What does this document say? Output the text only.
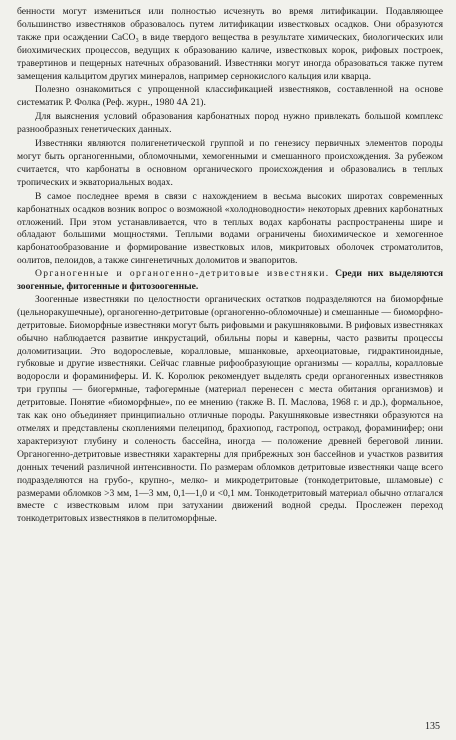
бенности могут измениться или полностью исчезнуть во время литификации. Подавляющее большинство известняков образовалось путем литификации известковых осадков. Они образуются также при осаждении CaCO₃ в виде твердого вещества в результате химических, биологических или биохимических процессов, ведущих к образованию каличе, известковых корок, рифовых построек, травертинов и пещерных натечных образований. Известняки могут иногда образоваться также путем замещения кальцитом других минералов, например сернокислого кальция или кварца.

Полезно ознакомиться с упрощенной классификацией известняков, составленной на основе систематик Р. Фолка (Реф. журн., 1980 4А 21).

Для выяснения условий образования карбонатных пород нужно привлекать большой комплекс разнообразных генетических данных.

Известняки являются полигенетической группой и по генезису первичных элементов породы могут быть органогенными, обломочными, хемогенными и смешанного происхождения. За рубежом считается, что карбонаты в основном органического происхождения и образовались в теплых тропических и экваториальных водах.

В самое последнее время в связи с нахождением в весьма высоких широтах современных карбонатных осадков возник вопрос о возможной «холодноводности» некоторых древних карбонатных отложений. При этом устанавливается, что в теплых водах карбонаты распространены шире и обладают большими мощностями. Теплыми водами ограничены биохимическое и хемогенное карбонатообразование и формирование известковых илов, микритовых оболочек строматолитов, оолитов, пелоидов, а также сингенетичных доломитов и эвапоритов.

Органогенные и органогенно-детритовые известняки. Среди них выделяются зоогенные, фитогенные и фитозоогенные.

Зоогенные известняки по целостности органических остатков подразделяются на биоморфные (цельноракушечные), органогенно-детритовые (органогенно-обломочные) и смешанные — биоморфно-детритовые. Биоморфные известняки могут быть рифовыми и ракушняковыми. В рифовых известняках обычно наблюдается развитие инкрустаций, обильны поры и каверны, часто развиты процессы доломитизации. Это водорослевые, коралловые, мшанковые, археоциатовые, гидрактиноидные, губковые и другие известняки. Сейчас главные рифообразующие организмы — кораллы, коралловые водоросли и фораминиферы. И. К. Королюк рекомендует выделять среди органогенных известняков три группы — биогермные, тафогермные (материал перенесен с места обитания организмов) и детритовые. Понятие «биоморфные», по ее мнению (также В. П. Маслова, 1968 г. и др.), формальное, так как оно объединяет принципиально отличные породы. Ракушняковые известняки образуются на отмелях и представлены скоплениями пелеципод, брахиопод, гастропод, остракод, фораминифер; они характеризуют глубину и соленость бассейна, иногда — положение древней береговой линии. Органогенно-детритовые известняки характерны для прибрежных зон бассейнов и участков развития донных течений различной интенсивности. По размерам обломков детритовые известняки чаще всего подразделяются на грубо-, крупно-, мелко- и микродетритовые (тонкодетритовые, шламовые) с размерами обломков >3 мм, 1—3 мм, 0,1—1,0 и <0,1 мм. Тонкодетритовый материал обычно отлагался вместе с известковым илом при затухании движений водной среды. Прослежен переход тонкодетритовых известняков в пелитоморфные.

135
